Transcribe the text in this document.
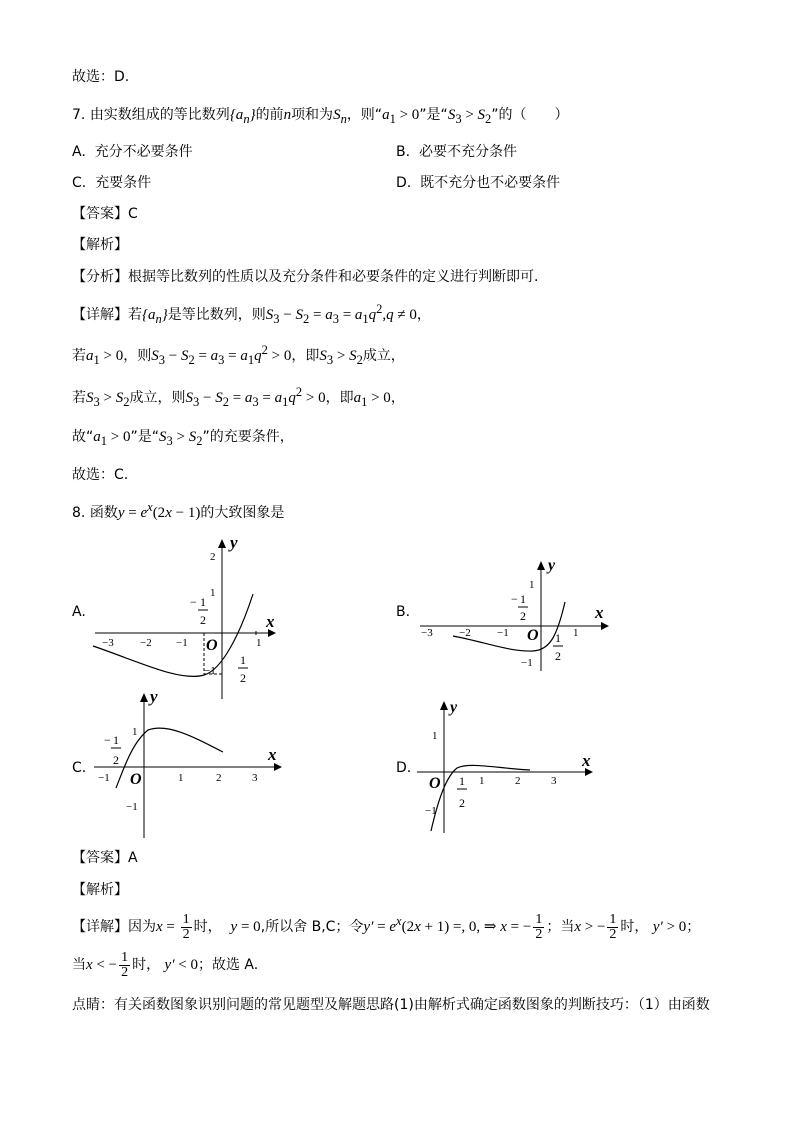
故选：D.
7. 由实数组成的等比数列$\{a_n\}$的前n项和为$S_n$，则“$a_1 > 0$”是“$S_3 > S_2$”的（　　）
A. 充分不必要条件	B. 必要不充分条件
C. 充要条件	D. 既不充分也不必要条件
【答案】C
【解析】
【分析】根据等比数列的性质以及充分条件和必要条件的定义进行判断即可.
【详解】若$\{a_n\}$是等比数列，则$S_3 - S_2 = a_3 = a_1q^2,q \ne 0$，
若$a_1 > 0$，则$S_3 - S_2 = a_3 = a_1q^2 > 0$，即$S_3 > S_2$成立，
若$S_3 > S_2$成立，则$S_3 - S_2 = a_3 = a_1q^2 > 0$，即$a_1 > 0$，
故“$a_1 > 0$”是“$S_3 > S_2$”的充要条件，
故选：C.
8. 函数$y = e^x(2x - 1)$的大致图象是
A.	B.
C.	D.
y
x
O
−3 −2 −1	1
2
1
−1
− 1
2
1
2
y
x
O
−3 −2 −1	1
1
−1
− 1
2
1
2
y
x
O
−1	1	2	3
1
−1
− 1
2
y
x
O	1	2	3
1
−1
1
2
【答案】A
【解析】
【详解】因为$x = \frac{1}{2}$ 时， y = 0,所以舍 B,C；令$y' = e^x(2x + 1)$ =, 0, ⇒ x = − $\frac{1}{2}$ ；当x > − $\frac{1}{2}$ 时， y′ > 0；
当x < − $\frac{1}{2}$ 时， y′ < 0；故选 A.
点睛：有关函数图象识别问题的常见题型及解题思路(1)由解析式确定函数图象的判断技巧：（1）由函数
